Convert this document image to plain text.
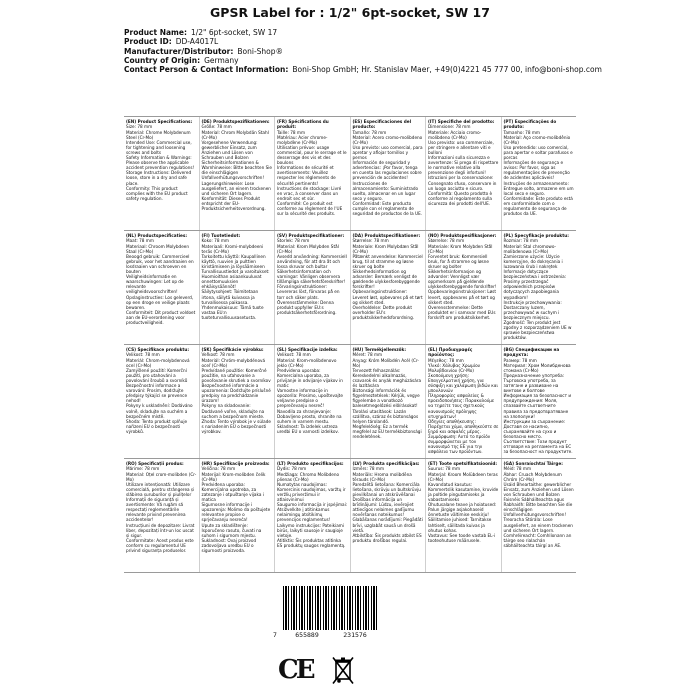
GPSR Label for : 1/2" 6pt-socket, SW 17
Product Name: 1/2" 6pt-socket, SW 17
Product ID: DD-A4017L
Manufacturer/Distributor: Boni-Shop®
Country of Origin: Germany
Contact Person & Contact Information: Boni-Shop GmbH; Hr. Stanislav Maer, +49(0)4221 45 777 00, info@boni-shop.com
(EN) Product Specifications:
Size: 78 mm
Material: Chrome Molybdenum Steel (Cr-Mo)
Intended Use: Commercial use, for tightening and loosening screws and bolts
Safety Information & Warnings: Please observe the applicable accident prevention regulations!
Storage Instructions: Delivered loose, store in a dry and safe place.
Conformity: This product complies with the EU product safety regulation.
(DE) Produktspezifikationen:
Größe: 78 mm
Material: Chrom Molybdän Stahl (Cr-Mo)
Vorgesehene Verwendung: gewerblicher Einsatz, zum Anziehen und Lösen von Schrauben und Bolzen
Sicherheitsinformationen & Warnhinweise: Bitte beachten Sie die einschlägigen Unfallverhütungsvorschriften!
Lagerungshinweise: Lose ausgeliefert, an einem trockenen und sicheren Ort lagern.
Konformität: Dieses Produkt entspricht der EU-Produktsicherheitsverordnung.
(FR) Spécifications du produit:
Taille: 78 mm
Matériau: Acier chrome-molybdène (Cr-Mo)
Utilisation prévue: usage commercial, pour le serrage et le desserrage des vis et des boulons
Informations de sécurité et avertissements: Veuillez respecter les règlements de sécurité pertinents!
Instructions de stockage: Livré en vrac, à conserver dans un endroit sec et sûr.
Conformité: Ce produit est conforme au règlement de l'UE sur la sécurité des produits.
(ES) Especificaciones del producto:
Tamaño: 78 mm
Material: Acero cromo-molibdeno (Cr-Mo)
Uso previsto: uso comercial, para apretar y aflojar tornillos y pernos
Información de seguridad y advertencias: ¡Por favor, tenga en cuenta las regulaciones sobre prevención de accidentes!
Instrucciones de almacenamiento: Suministrado suelto, almacenar en un lugar seco y seguro.
Conformidad: Este producto cumple con el reglamento de seguridad de productos de la UE.
(IT) Specifiche del prodotto:
Dimensione: 78 mm
Materiale: Acciaio cromo-molibdeno (Cr-Mo)
Uso previsto: uso commerciale, per stringere e allentare viti e bulloni
Informazioni sulla sicurezza e avvertenze: Si prega di rispettare le normative relative alla prevenzione degli infortuni!
Istruzioni per la conservazione: Consegnato sfuso, conservare in un luogo asciutto e sicuro.
Conformità: Questo prodotto è conforme al regolamento sulla sicurezza dei prodotti dell'UE.
(PT) Especificações do produto:
Tamanho: 78 mm
Material: Aço cromo-molibdênio (Cr-Mo)
Uso pretendido: uso comercial, para apertar e soltar parafusos e porcas
Informações de segurança e avisos: Por favor, siga as regulamentações de prevenção de acidentes aplicáveis!
Instruções de armazenamento: Entregue solto, armazene em um local seco e seguro.
Conformidade: Este produto está em conformidade com o regulamento de segurança de produtos da UE.
(NL) Productspecificaties:
Maat: 78 mm
Materiaal: Chroom Molybdeen Staal (Cr-Mo)
Beoogd gebruik: Commercieel gebruik, voor het aandraaien en losdraaien van schroeven en bouten
Veiligheidsinformatie en waarschuwingen: Let op de relevante veiligheidsvoorschriften!
Opslaginstructies: Los geleverd, op een droge en veilige plaats bewaren.
Conformiteit: Dit product voldoet aan de EU-verordening voor productveiligheid.
(FI) Tuotetiedot:
Koko: 78 mm
Materiaali: Kromi-molybdeeni teräs (Cr-Mo)
Tarkoitettu käyttö: Kaupallinen käyttö, ruuvien ja pulttien kiristämiseen ja löysäämiseen
Turvallisuustiedot ja varoitukset: Huomioithan asiaankuuluvat onnettomuuksien ehkäisysäännöt!
Säilytysohjeet: Toimitetaan irtona, säilytä kuivassa ja turvallisessa paikassa.
Yhdenmukaisuus: Tämä tuote vastaa EU:n tuoteturvallisuusasetusta.
(SV) Produktspecifikationer:
Storlek: 78 mm
Material: Krom Molybden Stål (Cr-Mo)
Avsedd användning: Kommersiell användning, för att dra åt och lossa skruvar och bultar
Säkerhetsinformation och varningar: Vänligen observera tillämpliga säkerhetsföreskrifter!
Förvaringsinstruktioner: Levereras löst, förvaras på en torr och säker plats.
Överensstämmelse: Denna produkt uppfyller EU:s produktsäkerhetsförordning.
(DA) Produktspecifikationer:
Størrelse: 78 mm
Materiale: Krom Molybdæn Stål (Cr-Mo)
Påtænkt anvendelse: Kommerciel brug, til at stramme og løsne skruer og bolte
Sikkerhedsinformation og advarsler: Bemærk venligst de gældende ulykkesforebyggende forskrifter!
Opbevaringsinstruktioner: Leveret løst, opbevares på et tørt og sikkert sted.
Overholdelse: Dette produkt overholder EU's produktsikkerhedsforordning.
(NO) Produktspesifikasjoner:
Størrelse: 78 mm
Materiale: Krom Molybden Stål (Cr-Mo)
Forventet bruk: Kommersiell bruk, for å stramme og løsne skruer og bolter
Sikkerhetsinformasjon og advarsler: Vennligst vær oppmerksom på gjeldende ulykkesforebyggende forskrifter!
Oppbevaringsinstruksjoner: Løst levert, oppbevares på et tørt og sikkert sted.
Overensstemmelse: Dette produktet er i samsvar med EUs forskrift om produktsikkerhet.
(PL) Specyfikacje produktu:
Rozmiar: 78 mm
Materiał: Stal chromowo-molibdenowa (Cr-Mo)
Zamierzone użycie: Użycie komercyjne, do dokręcania i luzowania śrub i nakrętek
Informacje dotyczące bezpieczeństwa i ostrzeżenia: Prosimy przestrzegać odpowiednich przepisów dotyczących zapobiegania wypadkom!
Instrukcje przechowywania: Dostarczany luzem, przechowywać w suchym i bezpiecznym miejscu.
Zgodność: Ten produkt jest zgodny z rozporządzeniem UE w sprawie bezpieczeństwa produktów.
(CS) Specifikace produktu:
Velikost: 78 mm
Materiál: Chrom-molybdenová ocel (Cr-Mo)
Zamýšlené použití: Komerční použití, pro utahování a povolování šroubů a svorníků
Bezpečnostní informace a varování: Prosím, dodržujte předpisy týkající se prevence nehod!
Pokyny k uskladnění: Dodáváno volně, skladujte na suchém a bezpečném místě.
Shoda: Tento produkt splňuje nařízení EU o bezpečnosti výrobků.
(SK) Špecifikácie výrobku:
Veľkosť: 78 mm
Materiál: Chróm-molybdénová oceľ (Cr-Mo)
Predvídané použitie: Komerčné použitie, na uťahovanie a povoľovanie skrutiek a svorníkov
Bezpečnostné informácie a upozornenia: Dodržujte príslušné predpisy na predchádzanie úrazom!
Pokyny na skladovanie: Dodávané voľne, skladujte na suchom a bezpečnom mieste.
Zhoda: Tento výrobok je v súlade s nariadením EÚ o bezpečnosti výrobkov.
(SL) Specifikacije izdelka:
Velikost: 78 mm
Material: Krom-molibdenovo jeklo (Cr-Mo)
Predvidena uporaba: Komercialna uporaba, za privijanje in odvijanje vijakov in matic
Varnostne informacije in opozorila: Prosimo, upoštevajte veljavne predpise o preprečevanju nesreč!
Navodila za shranjevanje: Dobavljeno prosto, shranite na suhem in varnem mestu.
Skladnost: Ta izdelek ustreza uredbi EU o varnosti izdelkov.
(HU) Termékjellemzők:
Méret: 78 mm
Anyag: Króm Molibdén Acél (Cr-Mo)
Tervezett felhasználás: Kereskedelmi alkalmazás, csavarok és anyák meghúzására és lazítására
Biztonsági információk és figyelmeztetések: Kérjük, vegye figyelembe a vonatkozó balesetmegelőzési előírásokat!
Tárolási utasítások: Lazán szállítva, száraz és biztonságos helyen tárolandó.
Megfelelőség: Ez a termék megfelel az EU termékbiztonsági rendeletének.
(EL) Προδιαγραφές προϊόντος:
Μέγεθος: 78 mm
Υλικό: Χάλυβας Χρωμίου Μολυβδαινίου (Cr-Mo)
Σκοπούμενη χρήση: Επαγγελματική χρήση, για σύσφιξη και χαλάρωση βιδών και μπουλονιών
Πληροφορίες ασφαλείας & προειδοποιήσεις: Παρακαλούμε να τηρείτε τους σχετικούς κανονισμούς πρόληψης ατυχημάτων!
Οδηγίες αποθήκευσης: Παρέχεται χύμα, αποθηκεύστε σε ξηρό και ασφαλές μέρος.
Συμμόρφωση: Αυτό το προϊόν συμμορφώνεται με τον κανονισμό της ΕΕ για την ασφάλεια των προϊόντων.
(BG) Спецификации на продукта:
Размер: 78 mm
Материал: Хром Молибденова стомана (Cr-Mo)
Предназначение употреба: Търговска употреба, за затягане и развиване на винтове и болтове
Информация за безопасност и предупреждения: Моля, спазвайте съответните правила за предотвратяване на злополуки!
Инструкции за съхранение: Доставя се насипно, съхранявайте на сухо и безопасно място.
Съответствие: Този продукт отговаря на регламента на ЕС за безопасност на продуктите.
(RO) Specificații produs:
Mărime: 78 mm
Material: Oțel crom-molibden (Cr-Mo)
Utilizare intenționată: Utilizare comercială, pentru strângerea și slăbirea șuruburilor și piulițelor
Informații de siguranță și avertismente: Vă rugăm să respectați reglementările relevante privind prevenirea accidentelor!
Instrucțiuni de depozitare: Livrat liber, depozitați într-un loc uscat și sigur.
Conformitate: Acest produs este conform cu regulamentul UE privind siguranța produselor.
(HR) Specifikacije proizvoda:
Veličina: 78 mm
Materijal: Krom-molibden čelik (Cr-Mo)
Predviđena uporaba: Komercijalna upotreba, za zatezanje i otpuštanje vijaka i matica
Sigurnosne informacije i upozorenja: Molimo da poštujete relevantne propise o sprječavanju nesreća!
Upute za skladištenje: Isporučeno rasuto, čuvati na suhom i sigurnom mjestu.
Sukladnost: Ovaj proizvod zadovoljava uredbu EU o sigurnosti proizvoda.
(LT) Produkto specifikacijos:
Dydis: 78 mm
Medžiaga: Chromo Molibdeno plienas (Cr-Mo)
Numatytas naudojimas: Komercinis naudojimas, varžtų ir veržlių priveržimui ir atlaisvinimui
Saugumo informacija ir įspėjimai: Atsižvelkite į atitinkamus nelaimingų atsitikimų prevencijos reglamentus!
Laikymo instrukcijos: Pateikiami birūs, laikyti sausoje ir saugioje vietoje.
Atitiktis: Šis produktas atitinka ES produktų saugos reglamentą.
(LV) Produkta specifikācijas:
Izmērs: 78 mm
Materiāls: Hroma molibdēna tērauds (Cr-Mo)
Paredzētā lietošana: Komerciāla lietošana, skrūvju un bultskrūvju pievilkšanai un atskrūvēšanai
Drošības informācija un brīdinājumi: Lūdzu, ievērojiet attiecīgos nelaimes gadījumu novēršanas noteikumus!
Glabāšanas norādījumi: Piegādāti brīvi, uzglabāt sausā un drošā vietā.
Atbilstība: Šis produkts atbilst ES produktu drošības regulai.
(ET) Toote spetsifikatsioonid:
Suurus: 78 mm
Materjal: Kroom Molübdeen teras (Cr-Mo)
Kavandatud kasutus: Kommertslik kasutamine, kruvide ja poltide pingutamiseks ja vabastamiseks
Ohutusalane teave ja hoiatused: Palun järgige asjakohaseid õnnetuste vältimise eeskirju!
Säilitamise juhised: Tarnitakse lahtiselt, säilitada kuivas ja ohutus kohas.
Vastavus: See toode vastab EL-i tooteohutuse määrusele.
(GA) Sonraíochtaí Táirge:
Méid: 78 mm
Ábhar: Cruach Molybdenum Chróm (Cr-Mo)
Úsáid Bheartaithe: gewerblicher Einsatz, zum Anziehen und Lösen von Schrauben und Bolzen
Faisnéis Sábháilteachta agus Rabhaidh: Bitte beachten Sie die einschlägigen Unfallverhütungsvorschriften!
Treoracha Stórála: Lose ausgeliefert, an einem trockenen und sicheren Ort lagern.
Comhréireacht: Comhlíonann an táirge seo rialachán sábháilteachta táirgí an AE.
7	655889	231576
CE
